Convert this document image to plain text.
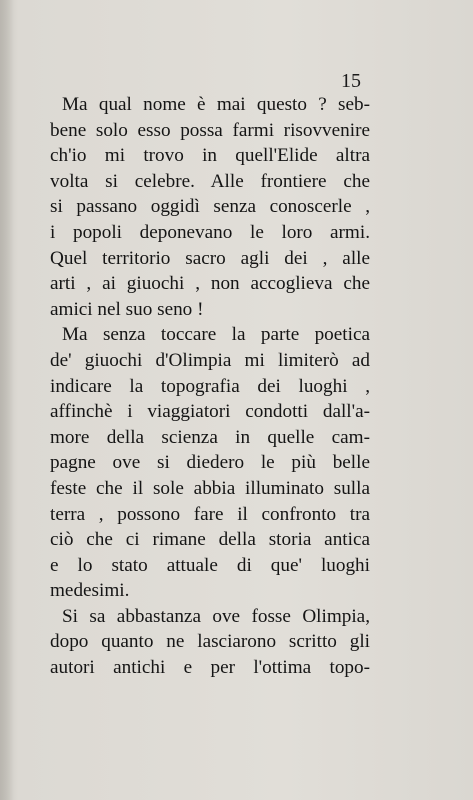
15
Ma qual nome è mai questo ? seb-
bene solo esso possa farmi risovvenire
ch'io mi trovo in quell'Elide altra
volta si celebre. Alle frontiere che
si passano oggidì senza conoscerle ,
i popoli deponevano le loro armi.
Quel territorio sacro agli dei , alle
arti , ai giuochi , non accoglieva che
amici nel suo seno !
Ma senza toccare la parte poetica
de' giuochi d'Olimpia mi limiterò ad
indicare la topografia dei luoghi ,
affinchè i viaggiatori condotti dall'a-
more della scienza in quelle cam-
pagne ove si diedero le più belle
feste che il sole abbia illuminato sulla
terra , possono fare il confronto tra
ciò che ci rimane della storia antica
e lo stato attuale di que' luoghi
medesimi.
Si sa abbastanza ove fosse Olimpia,
dopo quanto ne lasciarono scritto gli
autori antichi e per l'ottima topo-
